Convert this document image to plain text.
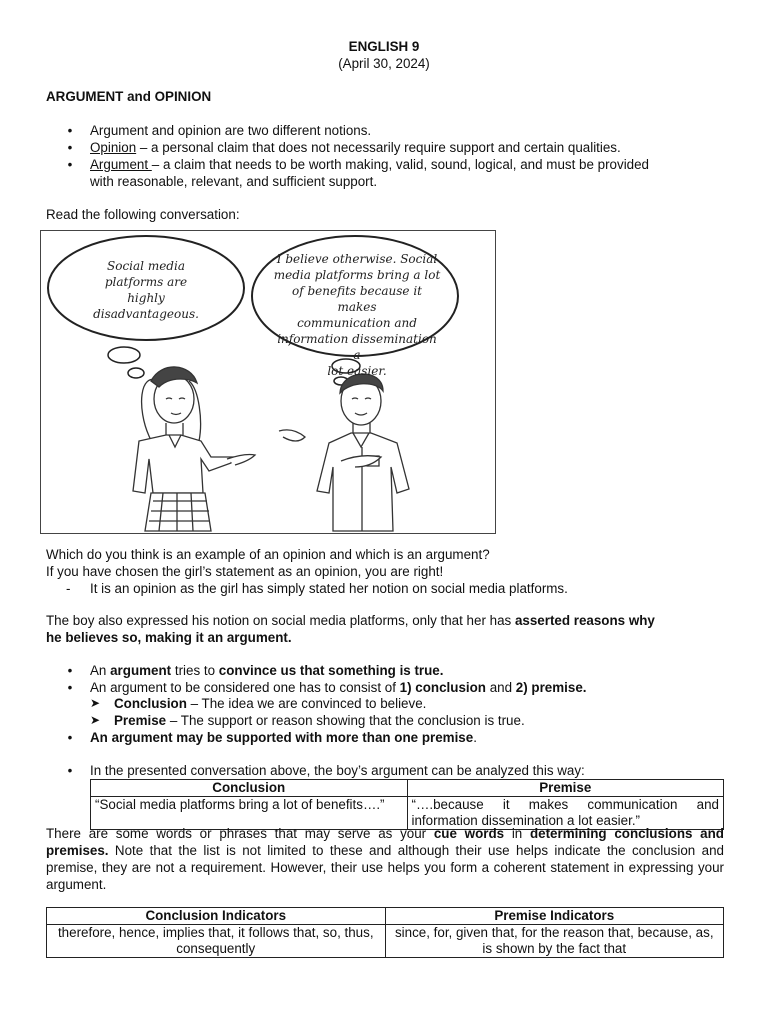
ENGLISH 9
(April 30, 2024)
ARGUMENT and OPINION
• Argument and opinion are two different notions.
• Opinion – a personal claim that does not necessarily require support and certain qualities.
• Argument – a claim that needs to be worth making, valid, sound, logical, and must be provided
with reasonable, relevant, and sufficient support.
Read the following conversation:
Social media
platforms are
highly
disadvantageous.
I believe otherwise. Social
media platforms bring a lot
of benefits because it makes
communication and
information dissemination a
lot easier.
Which do you think is an example of an opinion and which is an argument?
If you have chosen the girl’s statement as an opinion, you are right!
- It is an opinion as the girl has simply stated her notion on social media platforms.
The boy also expressed his notion on social media platforms, only that her has asserted reasons why
he believes so, making it an argument.
• An argument tries to convince us that something is true.
• An argument to be considered one has to consist of 1) conclusion and 2) premise.
➤ Conclusion – The idea we are convinced to believe.
➤ Premise – The support or reason showing that the conclusion is true.
• An argument may be supported with more than one premise.
• In the presented conversation above, the boy’s argument can be analyzed this way:
Conclusion	Premise
“Social media platforms bring a lot of benefits….”	“….because it makes communication and information dissemination a lot easier.”
There are some words or phrases that may serve as your cue words in determining conclusions and premises. Note that the list is not limited to these and although their use helps indicate the conclusion and premise, they are not a requirement. However, their use helps you form a coherent statement in expressing your argument.
Conclusion Indicators	Premise Indicators
therefore, hence, implies that, it follows that, so, thus, consequently	since, for, given that, for the reason that, because, as, is shown by the fact that
